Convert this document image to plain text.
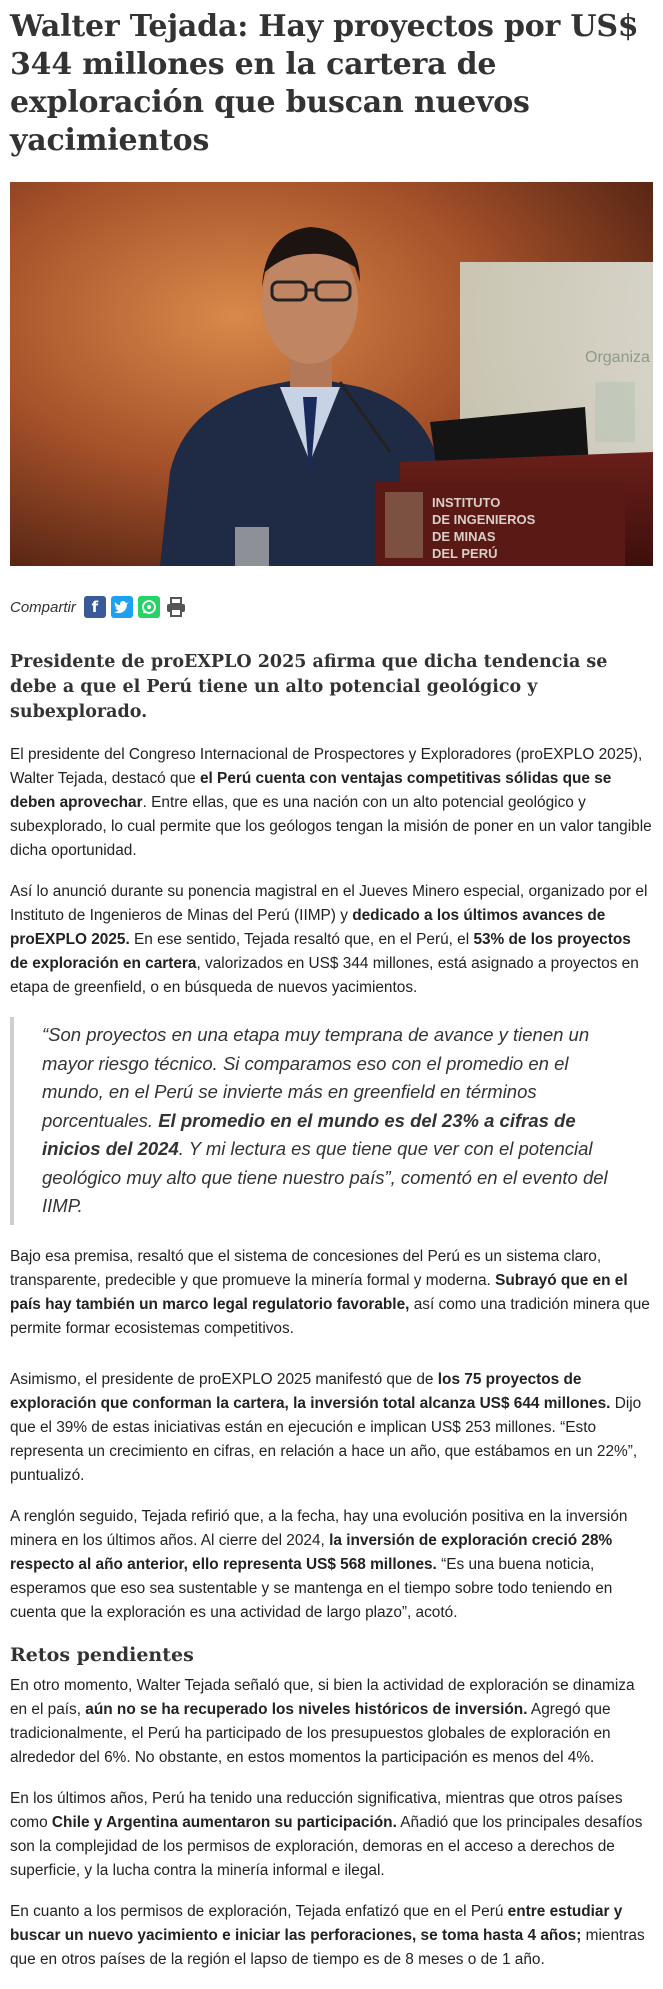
Walter Tejada: Hay proyectos por US$ 344 millones en la cartera de exploración que buscan nuevos yacimientos
Organiza
INSTITUTO
DE INGENIEROS
DE MINAS
DEL PERÚ
Compartir	f
Presidente de proEXPLO 2025 afirma que dicha tendencia se debe a que el Perú tiene un alto potencial geológico y subexplorado.

El presidente del Congreso Internacional de Prospectores y Exploradores (proEXPLO 2025), Walter Tejada, destacó que el Perú cuenta con ventajas competitivas sólidas que se deben aprovechar. Entre ellas, que es una nación con un alto potencial geológico y subexplorado, lo cual permite que los geólogos tengan la misión de poner en un valor tangible dicha oportunidad.

Así lo anunció durante su ponencia magistral en el Jueves Minero especial, organizado por el Instituto de Ingenieros de Minas del Perú (IIMP) y dedicado a los últimos avances de proEXPLO 2025. En ese sentido, Tejada resaltó que, en el Perú, el 53% de los proyectos de exploración en cartera, valorizados en US$ 344 millones, está asignado a proyectos en etapa de greenfield, o en búsqueda de nuevos yacimientos.

“Son proyectos en una etapa muy temprana de avance y tienen un mayor riesgo técnico. Si comparamos eso con el promedio en el mundo, en el Perú se invierte más en greenfield en términos porcentuales. El promedio en el mundo es del 23% a cifras de inicios del 2024. Y mi lectura es que tiene que ver con el potencial geológico muy alto que tiene nuestro país”, comentó en el evento del IIMP.

Bajo esa premisa, resaltó que el sistema de concesiones del Perú es un sistema claro, transparente, predecible y que promueve la minería formal y moderna. Subrayó que en el país hay también un marco legal regulatorio favorable, así como una tradición minera que permite formar ecosistemas competitivos.

Asimismo, el presidente de proEXPLO 2025 manifestó que de los 75 proyectos de exploración que conforman la cartera, la inversión total alcanza US$ 644 millones. Dijo que el 39% de estas iniciativas están en ejecución e implican US$ 253 millones. “Esto representa un crecimiento en cifras, en relación a hace un año, que estábamos en un 22%”, puntualizó.

A renglón seguido, Tejada refirió que, a la fecha, hay una evolución positiva en la inversión minera en los últimos años. Al cierre del 2024, la inversión de exploración creció 28% respecto al año anterior, ello representa US$ 568 millones. “Es una buena noticia, esperamos que eso sea sustentable y se mantenga en el tiempo sobre todo teniendo en cuenta que la exploración es una actividad de largo plazo”, acotó.

Retos pendientes

En otro momento, Walter Tejada señaló que, si bien la actividad de exploración se dinamiza en el país, aún no se ha recuperado los niveles históricos de inversión. Agregó que tradicionalmente, el Perú ha participado de los presupuestos globales de exploración en alrededor del 6%. No obstante, en estos momentos la participación es menos del 4%.

En los últimos años, Perú ha tenido una reducción significativa, mientras que otros países como Chile y Argentina aumentaron su participación. Añadió que los principales desafíos son la complejidad de los permisos de exploración, demoras en el acceso a derechos de superficie, y la lucha contra la minería informal e ilegal.

En cuanto a los permisos de exploración, Tejada enfatizó que en el Perú entre estudiar y buscar un nuevo yacimiento e iniciar las perforaciones, se toma hasta 4 años; mientras que en otros países de la región el lapso de tiempo es de 8 meses o de 1 año.
